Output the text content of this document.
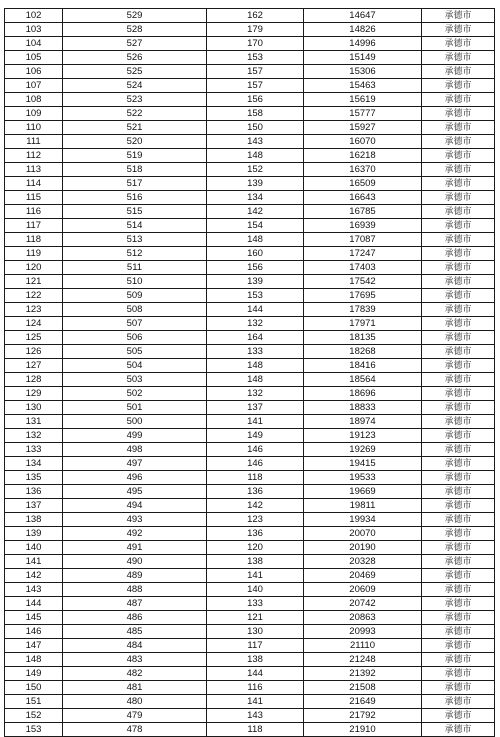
102	529	162	14647	承德市
103	528	179	14826	承德市
104	527	170	14996	承德市
105	526	153	15149	承德市
106	525	157	15306	承德市
107	524	157	15463	承德市
108	523	156	15619	承德市
109	522	158	15777	承德市
110	521	150	15927	承德市
111	520	143	16070	承德市
112	519	148	16218	承德市
113	518	152	16370	承德市
114	517	139	16509	承德市
115	516	134	16643	承德市
116	515	142	16785	承德市
117	514	154	16939	承德市
118	513	148	17087	承德市
119	512	160	17247	承德市
120	511	156	17403	承德市
121	510	139	17542	承德市
122	509	153	17695	承德市
123	508	144	17839	承德市
124	507	132	17971	承德市
125	506	164	18135	承德市
126	505	133	18268	承德市
127	504	148	18416	承德市
128	503	148	18564	承德市
129	502	132	18696	承德市
130	501	137	18833	承德市
131	500	141	18974	承德市
132	499	149	19123	承德市
133	498	146	19269	承德市
134	497	146	19415	承德市
135	496	118	19533	承德市
136	495	136	19669	承德市
137	494	142	19811	承德市
138	493	123	19934	承德市
139	492	136	20070	承德市
140	491	120	20190	承德市
141	490	138	20328	承德市
142	489	141	20469	承德市
143	488	140	20609	承德市
144	487	133	20742	承德市
145	486	121	20863	承德市
146	485	130	20993	承德市
147	484	117	21110	承德市
148	483	138	21248	承德市
149	482	144	21392	承德市
150	481	116	21508	承德市
151	480	141	21649	承德市
152	479	143	21792	承德市
153	478	118	21910	承德市
